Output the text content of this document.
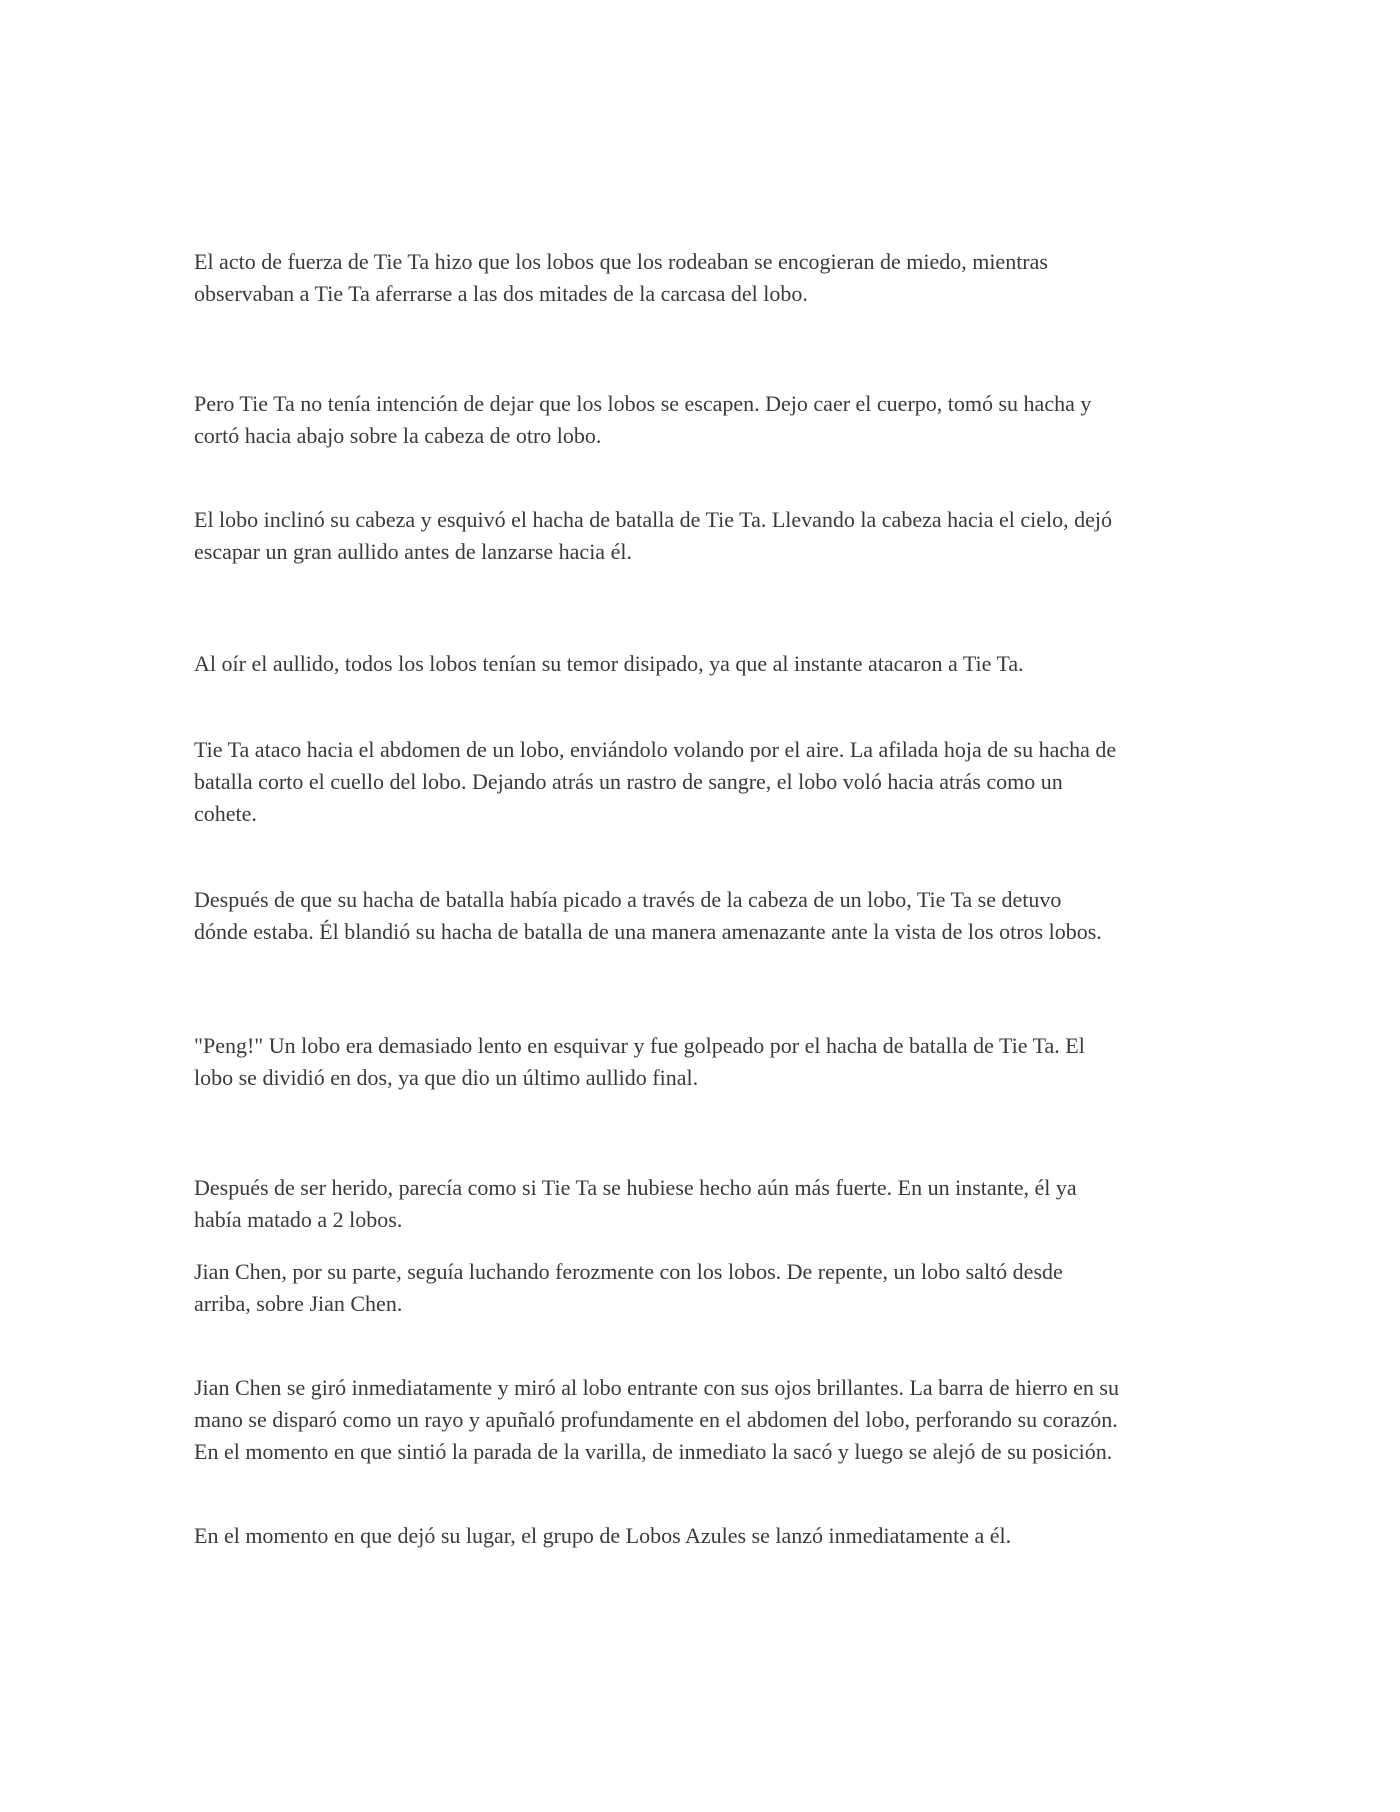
El acto de fuerza de Tie Ta hizo que los lobos que los rodeaban se encogieran de miedo, mientras
observaban a Tie Ta aferrarse a las dos mitades de la carcasa del lobo.

Pero Tie Ta no tenía intención de dejar que los lobos se escapen. Dejo caer el cuerpo, tomó su hacha y
cortó hacia abajo sobre la cabeza de otro lobo.

El lobo inclinó su cabeza y esquivó el hacha de batalla de Tie Ta. Llevando la cabeza hacia el cielo, dejó
escapar un gran aullido antes de lanzarse hacia él.

Al oír el aullido, todos los lobos tenían su temor disipado, ya que al instante atacaron a Tie Ta.

Tie Ta ataco hacia el abdomen de un lobo, enviándolo volando por el aire. La afilada hoja de su hacha de
batalla corto el cuello del lobo. Dejando atrás un rastro de sangre, el lobo voló hacia atrás como un
cohete.

Después de que su hacha de batalla había picado a través de la cabeza de un lobo, Tie Ta se detuvo
dónde estaba. Él blandió su hacha de batalla de una manera amenazante ante la vista de los otros lobos.

"Peng!" Un lobo era demasiado lento en esquivar y fue golpeado por el hacha de batalla de Tie Ta. El
lobo se dividió en dos, ya que dio un último aullido final.

Después de ser herido, parecía como si Tie Ta se hubiese hecho aún más fuerte. En un instante, él ya
había matado a 2 lobos.

Jian Chen, por su parte, seguía luchando ferozmente con los lobos. De repente, un lobo saltó desde
arriba, sobre Jian Chen.

Jian Chen se giró inmediatamente y miró al lobo entrante con sus ojos brillantes. La barra de hierro en su
mano se disparó como un rayo y apuñaló profundamente en el abdomen del lobo, perforando su corazón.
En el momento en que sintió la parada de la varilla, de inmediato la sacó y luego se alejó de su posición.

En el momento en que dejó su lugar, el grupo de Lobos Azules se lanzó inmediatamente a él.
